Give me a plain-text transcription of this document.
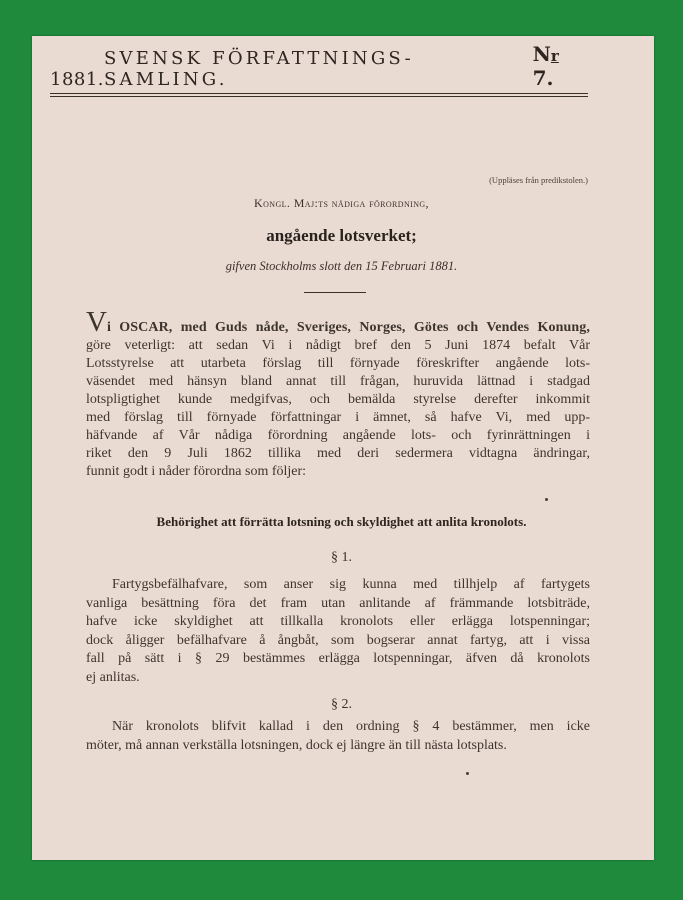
1881.
SVENSK FÖRFATTNINGS-SAMLING.
Nr 7.
(Uppläses från predikstolen.)
Kongl. Maj:ts nådiga förordning,
angående lotsverket;
gifven Stockholms slott den 15 Februari 1881.
Vi OSCAR, med Guds nåde, Sveriges, Norges, Götes och Vendes Konung,
göre veterligt: att sedan Vi i nådigt bref den 5 Juni 1874 befalt Vår
Lotsstyrelse att utarbeta förslag till förnyade föreskrifter angående lots-
väsendet med hänsyn bland annat till frågan, huruvida lättnad i stadgad
lotspligtighet kunde medgifvas, och bemälda styrelse derefter inkommit
med förslag till förnyade författningar i ämnet, så hafve Vi, med upp-
häfvande af Vår nådiga förordning angående lots- och fyrinrättningen i
riket den 9 Juli 1862 tillika med deri sedermera vidtagna ändringar,
funnit godt i nåder förordna som följer:
Behörighet att förrätta lotsning och skyldighet att anlita kronolots.
§ 1.
Fartygsbefälhafvare, som anser sig kunna med tillhjelp af fartygets
vanliga besättning föra det fram utan anlitande af främmande lotsbiträde,
hafve icke skyldighet att tillkalla kronolots eller erlägga lotspenningar;
dock åligger befälhafvare å ångbåt, som bogserar annat fartyg, att i vissa
fall på sätt i § 29 bestämmes erlägga lotspenningar, äfven då kronolots
ej anlitas.
§ 2.
När kronolots blifvit kallad i den ordning § 4 bestämmer, men icke
möter, må annan verkställa lotsningen, dock ej längre än till nästa lotsplats.
